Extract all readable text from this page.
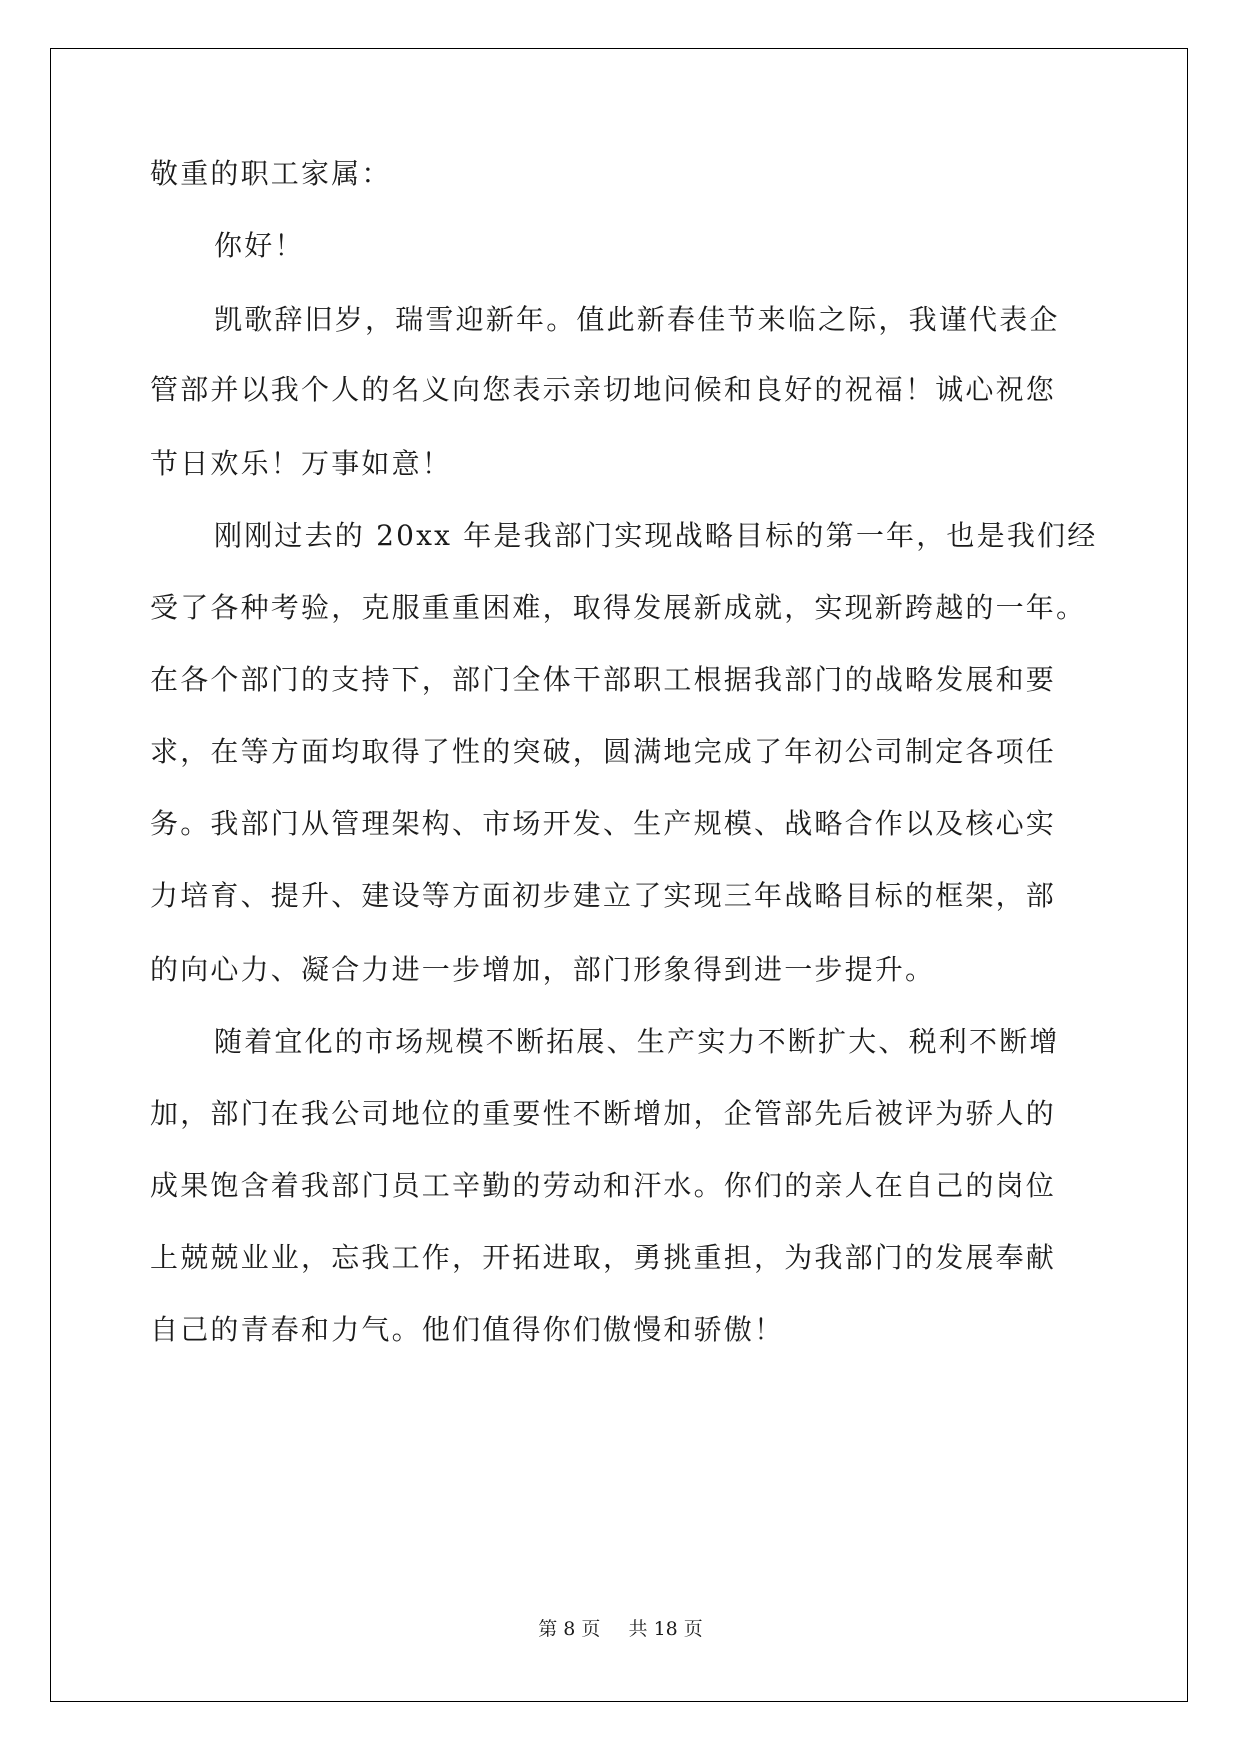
敬重的职工家属：
你好！
凯歌辞旧岁，瑞雪迎新年。值此新春佳节来临之际，我谨代表企
管部并以我个人的名义向您表示亲切地问候和良好的祝福！诚心祝您
节日欢乐！万事如意！
刚刚过去的 20xx 年是我部门实现战略目标的第一年，也是我们经
受了各种考验，克服重重困难，取得发展新成就，实现新跨越的一年。
在各个部门的支持下，部门全体干部职工根据我部门的战略发展和要
求，在等方面均取得了性的突破，圆满地完成了年初公司制定各项任
务。我部门从管理架构、市场开发、生产规模、战略合作以及核心实
力培育、提升、建设等方面初步建立了实现三年战略目标的框架，部
的向心力、凝合力进一步增加，部门形象得到进一步提升。
随着宜化的市场规模不断拓展、生产实力不断扩大、税利不断增
加，部门在我公司地位的重要性不断增加，企管部先后被评为骄人的
成果饱含着我部门员工辛勤的劳动和汗水。你们的亲人在自己的岗位
上兢兢业业，忘我工作，开拓进取，勇挑重担，为我部门的发展奉献
自己的青春和力气。他们值得你们傲慢和骄傲！
第 8 页 共 18 页
